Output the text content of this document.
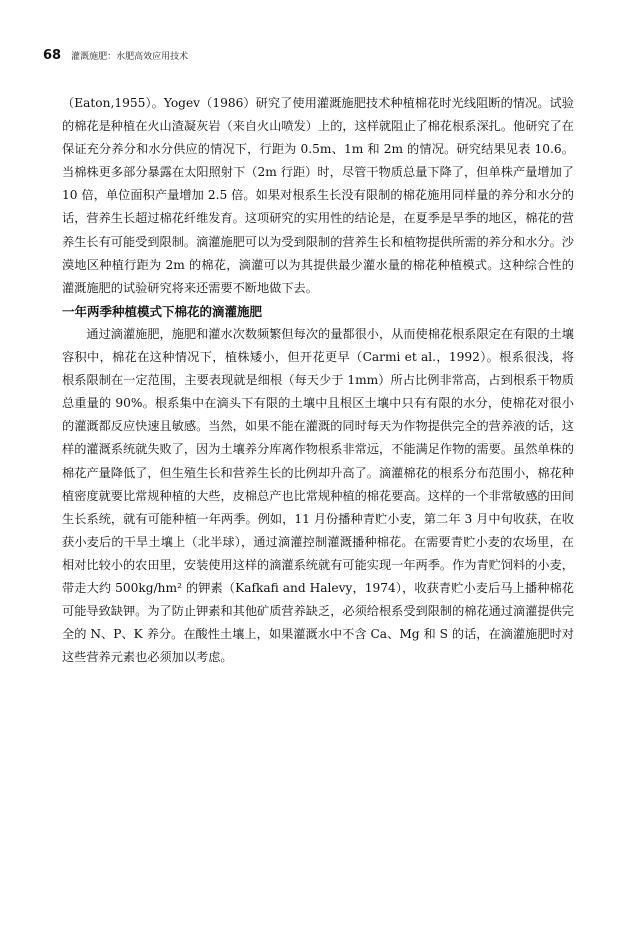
68 灌溉施肥：水肥高效应用技术

（Eaton,1955）。Yogev（1986）研究了使用灌溉施肥技术种植棉花时光线阻断的情况。试验的棉花是种植在火山渣凝灰岩（来自火山喷发）上的，这样就阻止了棉花根系深扎。他研究了在保证充分养分和水分供应的情况下，行距为 0.5m、1m 和 2m 的情况。研究结果见表 10.6。当棉株更多部分暴露在太阳照射下（2m 行距）时，尽管干物质总量下降了，但单株产量增加了 10 倍，单位面积产量增加 2.5 倍。如果对根系生长没有限制的棉花施用同样量的养分和水分的话，营养生长超过棉花纤维发育。这项研究的实用性的结论是，在夏季是旱季的地区，棉花的营养生长有可能受到限制。滴灌施肥可以为受到限制的营养生长和植物提供所需的养分和水分。沙漠地区种植行距为 2m 的棉花，滴灌可以为其提供最少灌水量的棉花种植模式。这种综合性的灌溉施肥的试验研究将来还需要不断地做下去。

一年两季种植模式下棉花的滴灌施肥

通过滴灌施肥，施肥和灌水次数频繁但每次的量都很小，从而使棉花根系限定在有限的土壤容积中，棉花在这种情况下，植株矮小，但开花更早（Carmi et al.，1992）。根系很浅，将根系限制在一定范围，主要表现就是细根（每天少于 1mm）所占比例非常高，占到根系干物质总重量的 90%。根系集中在滴头下有限的土壤中且根区土壤中只有有限的水分，使棉花对很小的灌溉都反应快速且敏感。当然，如果不能在灌溉的同时每天为作物提供完全的营养液的话，这样的灌溉系统就失败了，因为土壤养分库离作物根系非常远，不能满足作物的需要。虽然单株的棉花产量降低了，但生殖生长和营养生长的比例却升高了。滴灌棉花的根系分布范围小，棉花种植密度就要比常规种植的大些，皮棉总产也比常规种植的棉花要高。这样的一个非常敏感的田间生长系统，就有可能种植一年两季。例如，11 月份播种青贮小麦，第二年 3 月中旬收获，在收获小麦后的干旱土壤上（北半球），通过滴灌控制灌溉播种棉花。在需要青贮小麦的农场里，在相对比较小的农田里，安装使用这样的滴灌系统就有可能实现一年两季。作为青贮饲料的小麦，带走大约 500kg/hm² 的钾素（Kafkafi and Halevy，1974），收获青贮小麦后马上播种棉花可能导致缺钾。为了防止钾素和其他矿质营养缺乏，必须给根系受到限制的棉花通过滴灌提供完全的 N、P、K 养分。在酸性土壤上，如果灌溉水中不含 Ca、Mg 和 S 的话，在滴灌施肥时对这些营养元素也必须加以考虑。
